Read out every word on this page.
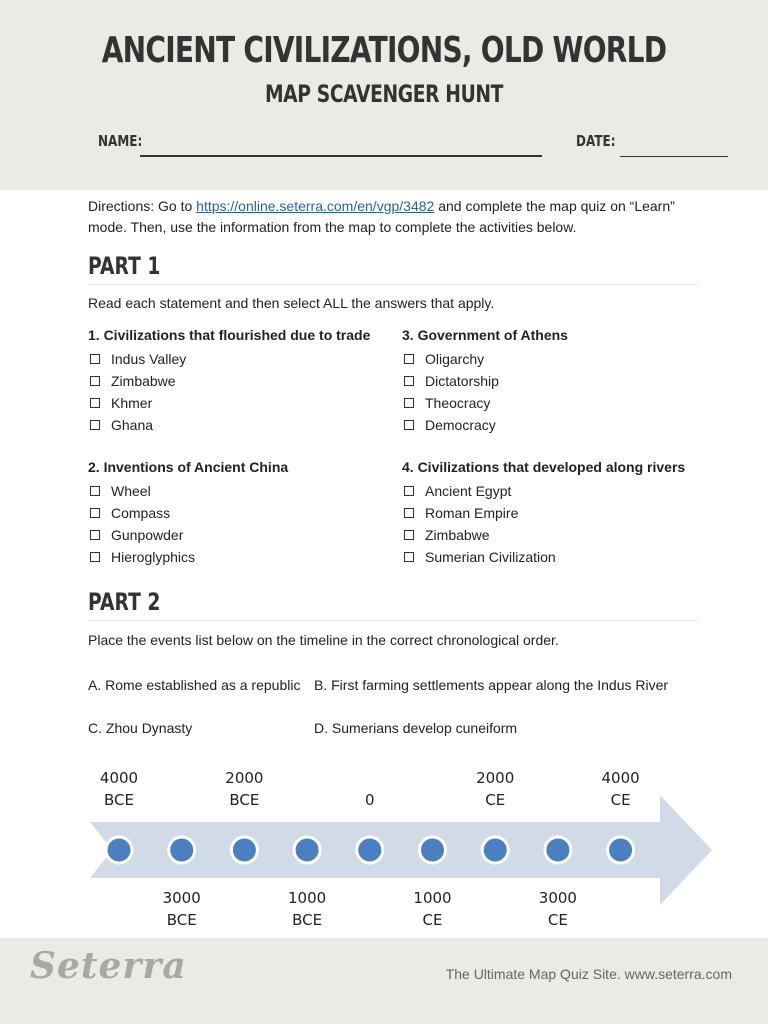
ANCIENT CIVILIZATIONS, OLD WORLD
MAP SCAVENGER HUNT
NAME:	DATE:
Directions: Go to https://online.seterra.com/en/vgp/3482 and complete the map quiz on “Learn” mode. Then, use the information from the map to complete the activities below.
PART 1
Read each statement and then select ALL the answers that apply.
1. Civilizations that flourished due to trade
Indus Valley
Zimbabwe
Khmer
Ghana
2. Inventions of Ancient China
Wheel
Compass
Gunpowder
Hieroglyphics
3. Government of Athens
Oligarchy
Dictatorship
Theocracy
Democracy
4. Civilizations that developed along rivers
Ancient Egypt
Roman Empire
Zimbabwe
Sumerian Civilization
PART 2
Place the events list below on the timeline in the correct chronological order.
A. Rome established as a republic B. First farming settlements appear along the Indus River
C. Zhou Dynasty	D. Sumerians develop cuneiform
4000
BCE
2000
BCE	0
2000
CE
4000
CE
3000
BCE
1000
BCE
1000
CE
3000
CE
Seterra	The Ultimate Map Quiz Site. www.seterra.com
